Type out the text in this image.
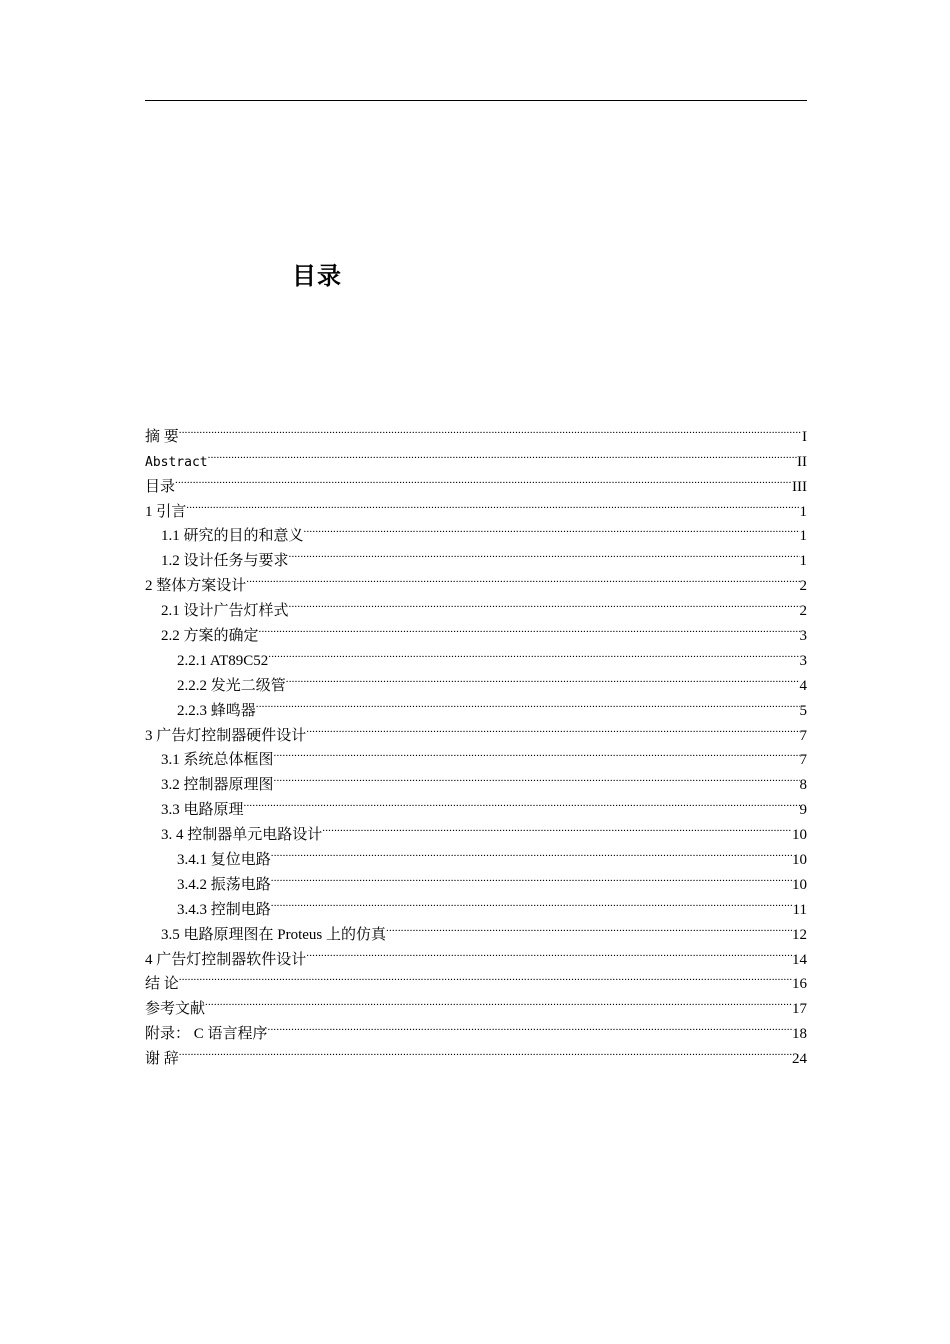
目录
摘 要 .....	I
Abstract .....	II
目录 .....	III
1 引言 .....	1
1.1 研究的目的和意义 .....	1
1.2 设计任务与要求 .....	1
2 整体方案设计 .....	2
2.1 设计广告灯样式 .....	2
2.2 方案的确定 .....	3
2.2.1 AT89C52 .....	3
2.2.2 发光二级管 .....	4
2.2.3 蜂鸣器 .....	5
3 广告灯控制器硬件设计 .....	7
3.1 系统总体框图 .....	7
3.2 控制器原理图 .....	8
3.3 电路原理 .....	9
3. 4 控制器单元电路设计 .....	10
3.4.1 复位电路 .....	10
3.4.2 振荡电路 .....	10
3.4.3 控制电路 .....	11
3.5 电路原理图在 Proteus 上的仿真 .....	12
4 广告灯控制器软件设计 .....	14
结 论 .....	16
参考文献 .....	17
附录： C 语言程序 .....	18
谢 辞 .....	24
